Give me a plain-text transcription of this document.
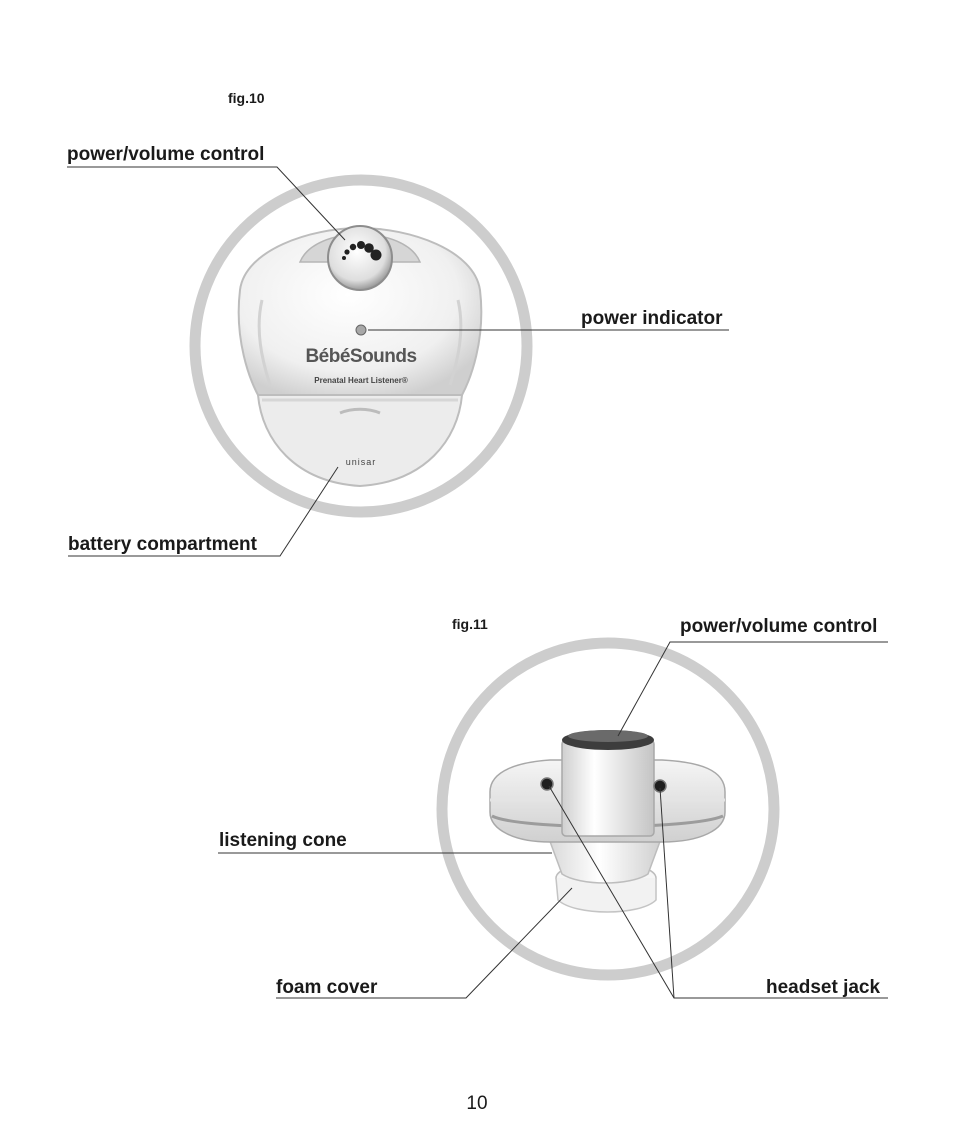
BébéSounds
Prenatal Heart Listener®
unisar
fig.10
power/volume control
power indicator
battery compartment
fig.11	power/volume control
listening cone
foam cover	headset jack
10
